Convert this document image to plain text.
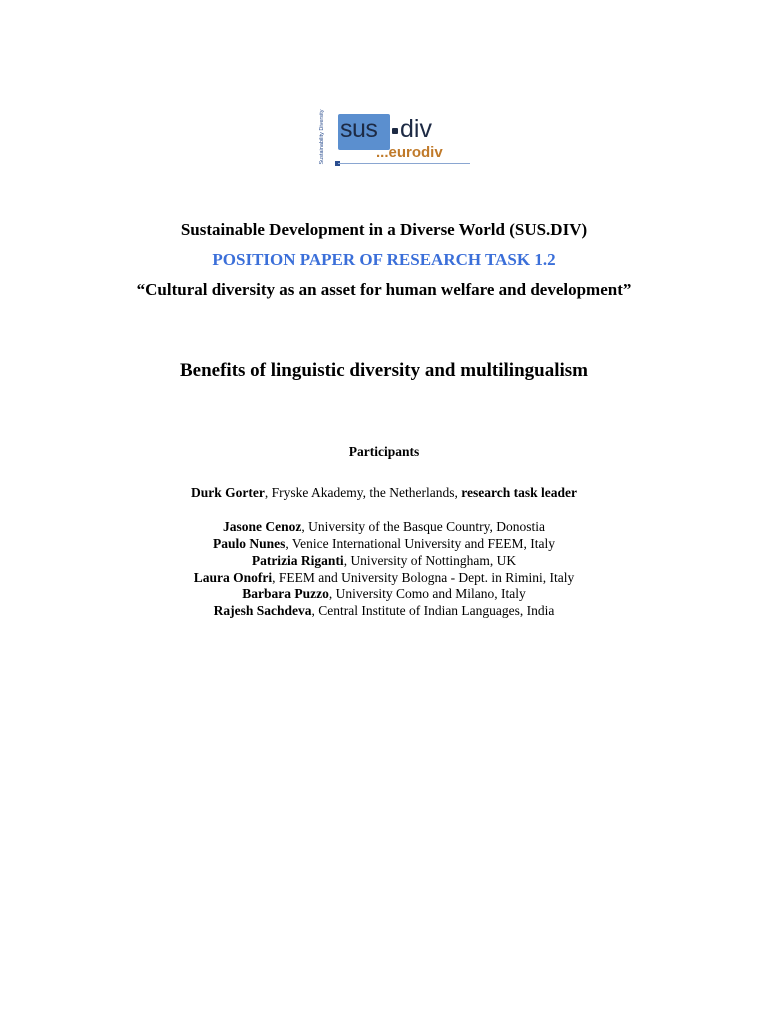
Sustainability Diversity sus div
...eurodiv
Sustainable Development in a Diverse World (SUS.DIV)
POSITION PAPER OF RESEARCH TASK 1.2
“Cultural diversity as an asset for human welfare and development”
Benefits of linguistic diversity and multilingualism
Participants
Durk Gorter, Fryske Akademy, the Netherlands, research task leader
Jasone Cenoz, University of the Basque Country, Donostia
Paulo Nunes, Venice International University and FEEM, Italy
Patrizia Riganti, University of Nottingham, UK
Laura Onofri, FEEM and University Bologna - Dept. in Rimini, Italy
Barbara Puzzo, University Como and Milano, Italy
Rajesh Sachdeva, Central Institute of Indian Languages, India
